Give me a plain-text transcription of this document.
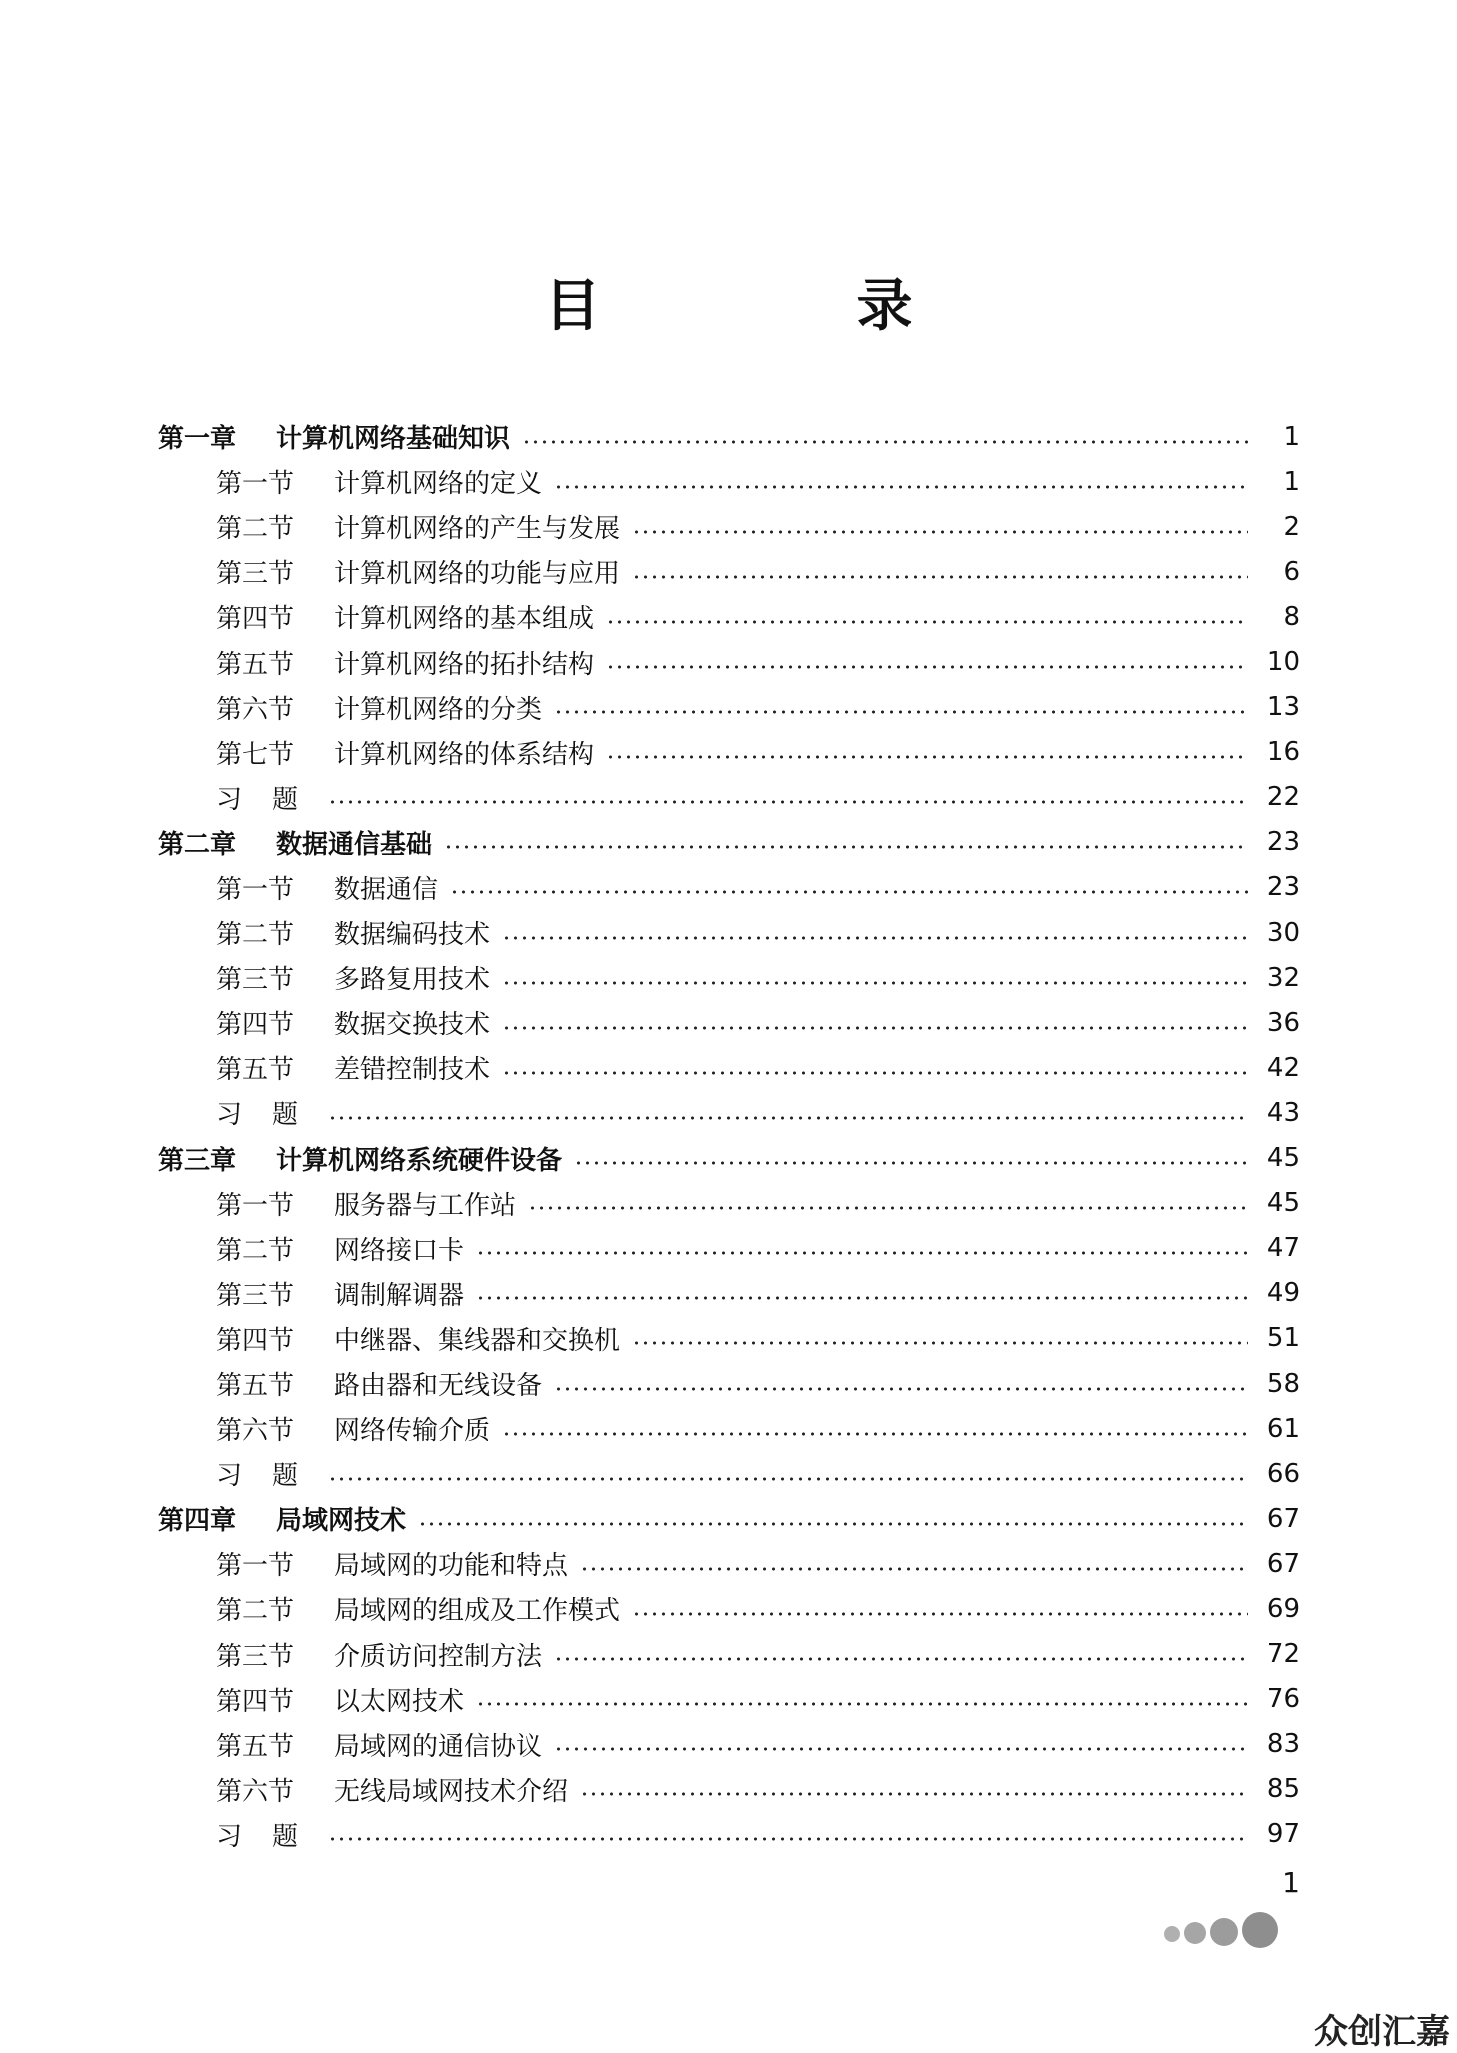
目　录
第一章	计算机网络基础知识	1
第一节	计算机网络的定义	1
第二节	计算机网络的产生与发展	2
第三节	计算机网络的功能与应用	6
第四节	计算机网络的基本组成	8
第五节	计算机网络的拓扑结构	10
第六节	计算机网络的分类	13
第七节	计算机网络的体系结构	16
习题	22
第二章	数据通信基础	23
第一节	数据通信	23
第二节	数据编码技术	30
第三节	多路复用技术	32
第四节	数据交换技术	36
第五节	差错控制技术	42
习题	43
第三章	计算机网络系统硬件设备	45
第一节	服务器与工作站	45
第二节	网络接口卡	47
第三节	调制解调器	49
第四节	中继器、集线器和交换机	51
第五节	路由器和无线设备	58
第六节	网络传输介质	61
习题	66
第四章	局域网技术	67
第一节	局域网的功能和特点	67
第二节	局域网的组成及工作模式	69
第三节	介质访问控制方法	72
第四节	以太网技术	76
第五节	局域网的通信协议	83
第六节	无线局域网技术介绍	85
习题	97
1
众创汇嘉
